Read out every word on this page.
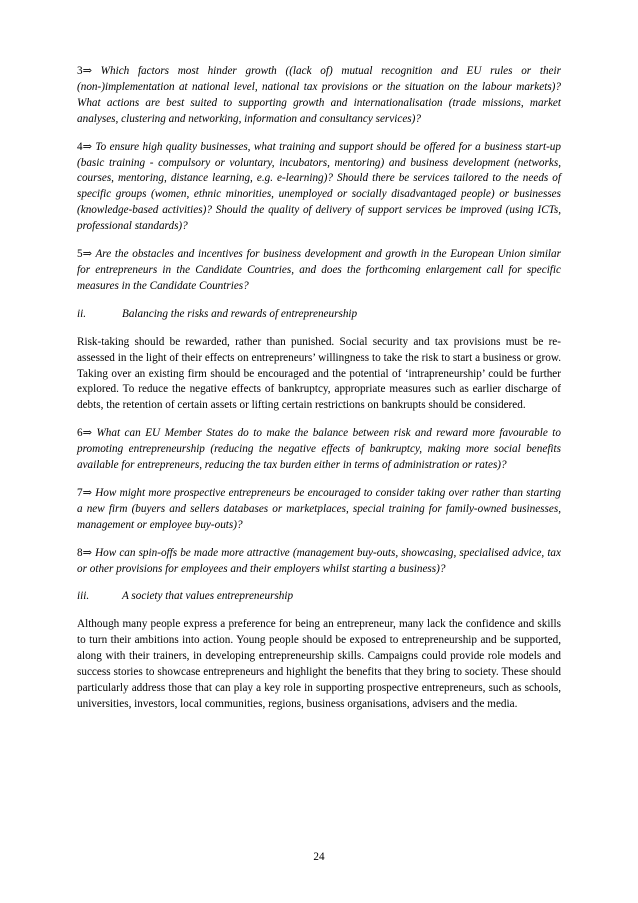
3⇒ Which factors most hinder growth ((lack of) mutual recognition and EU rules or their (non-)implementation at national level, national tax provisions or the situation on the labour markets)? What actions are best suited to supporting growth and internationalisation (trade missions, market analyses, clustering and networking, information and consultancy services)?

4⇒ To ensure high quality businesses, what training and support should be offered for a business start-up (basic training - compulsory or voluntary, incubators, mentoring) and business development (networks, courses, mentoring, distance learning, e.g. e-learning)? Should there be services tailored to the needs of specific groups (women, ethnic minorities, unemployed or socially disadvantaged people) or businesses (knowledge-based activities)? Should the quality of delivery of support services be improved (using ICTs, professional standards)?

5⇒ Are the obstacles and incentives for business development and growth in the European Union similar for entrepreneurs in the Candidate Countries, and does the forthcoming enlargement call for specific measures in the Candidate Countries?

ii.	Balancing the risks and rewards of entrepreneurship

Risk-taking should be rewarded, rather than punished. Social security and tax provisions must be re-assessed in the light of their effects on entrepreneurs’ willingness to take the risk to start a business or grow. Taking over an existing firm should be encouraged and the potential of ‘intrapreneurship’ could be further explored. To reduce the negative effects of bankruptcy, appropriate measures such as earlier discharge of debts, the retention of certain assets or lifting certain restrictions on bankrupts should be considered.

6⇒ What can EU Member States do to make the balance between risk and reward more favourable to promoting entrepreneurship (reducing the negative effects of bankruptcy, making more social benefits available for entrepreneurs, reducing the tax burden either in terms of administration or rates)?

7⇒ How might more prospective entrepreneurs be encouraged to consider taking over rather than starting a new firm (buyers and sellers databases or marketplaces, special training for family-owned businesses, management or employee buy-outs)?

8⇒ How can spin-offs be made more attractive (management buy-outs, showcasing, specialised advice, tax or other provisions for employees and their employers whilst starting a business)?

iii.	A society that values entrepreneurship

Although many people express a preference for being an entrepreneur, many lack the confidence and skills to turn their ambitions into action. Young people should be exposed to entrepreneurship and be supported, along with their trainers, in developing entrepreneurship skills. Campaigns could provide role models and success stories to showcase entrepreneurs and highlight the benefits that they bring to society. These should particularly address those that can play a key role in supporting prospective entrepreneurs, such as schools, universities, investors, local communities, regions, business organisations, advisers and the media.

24
